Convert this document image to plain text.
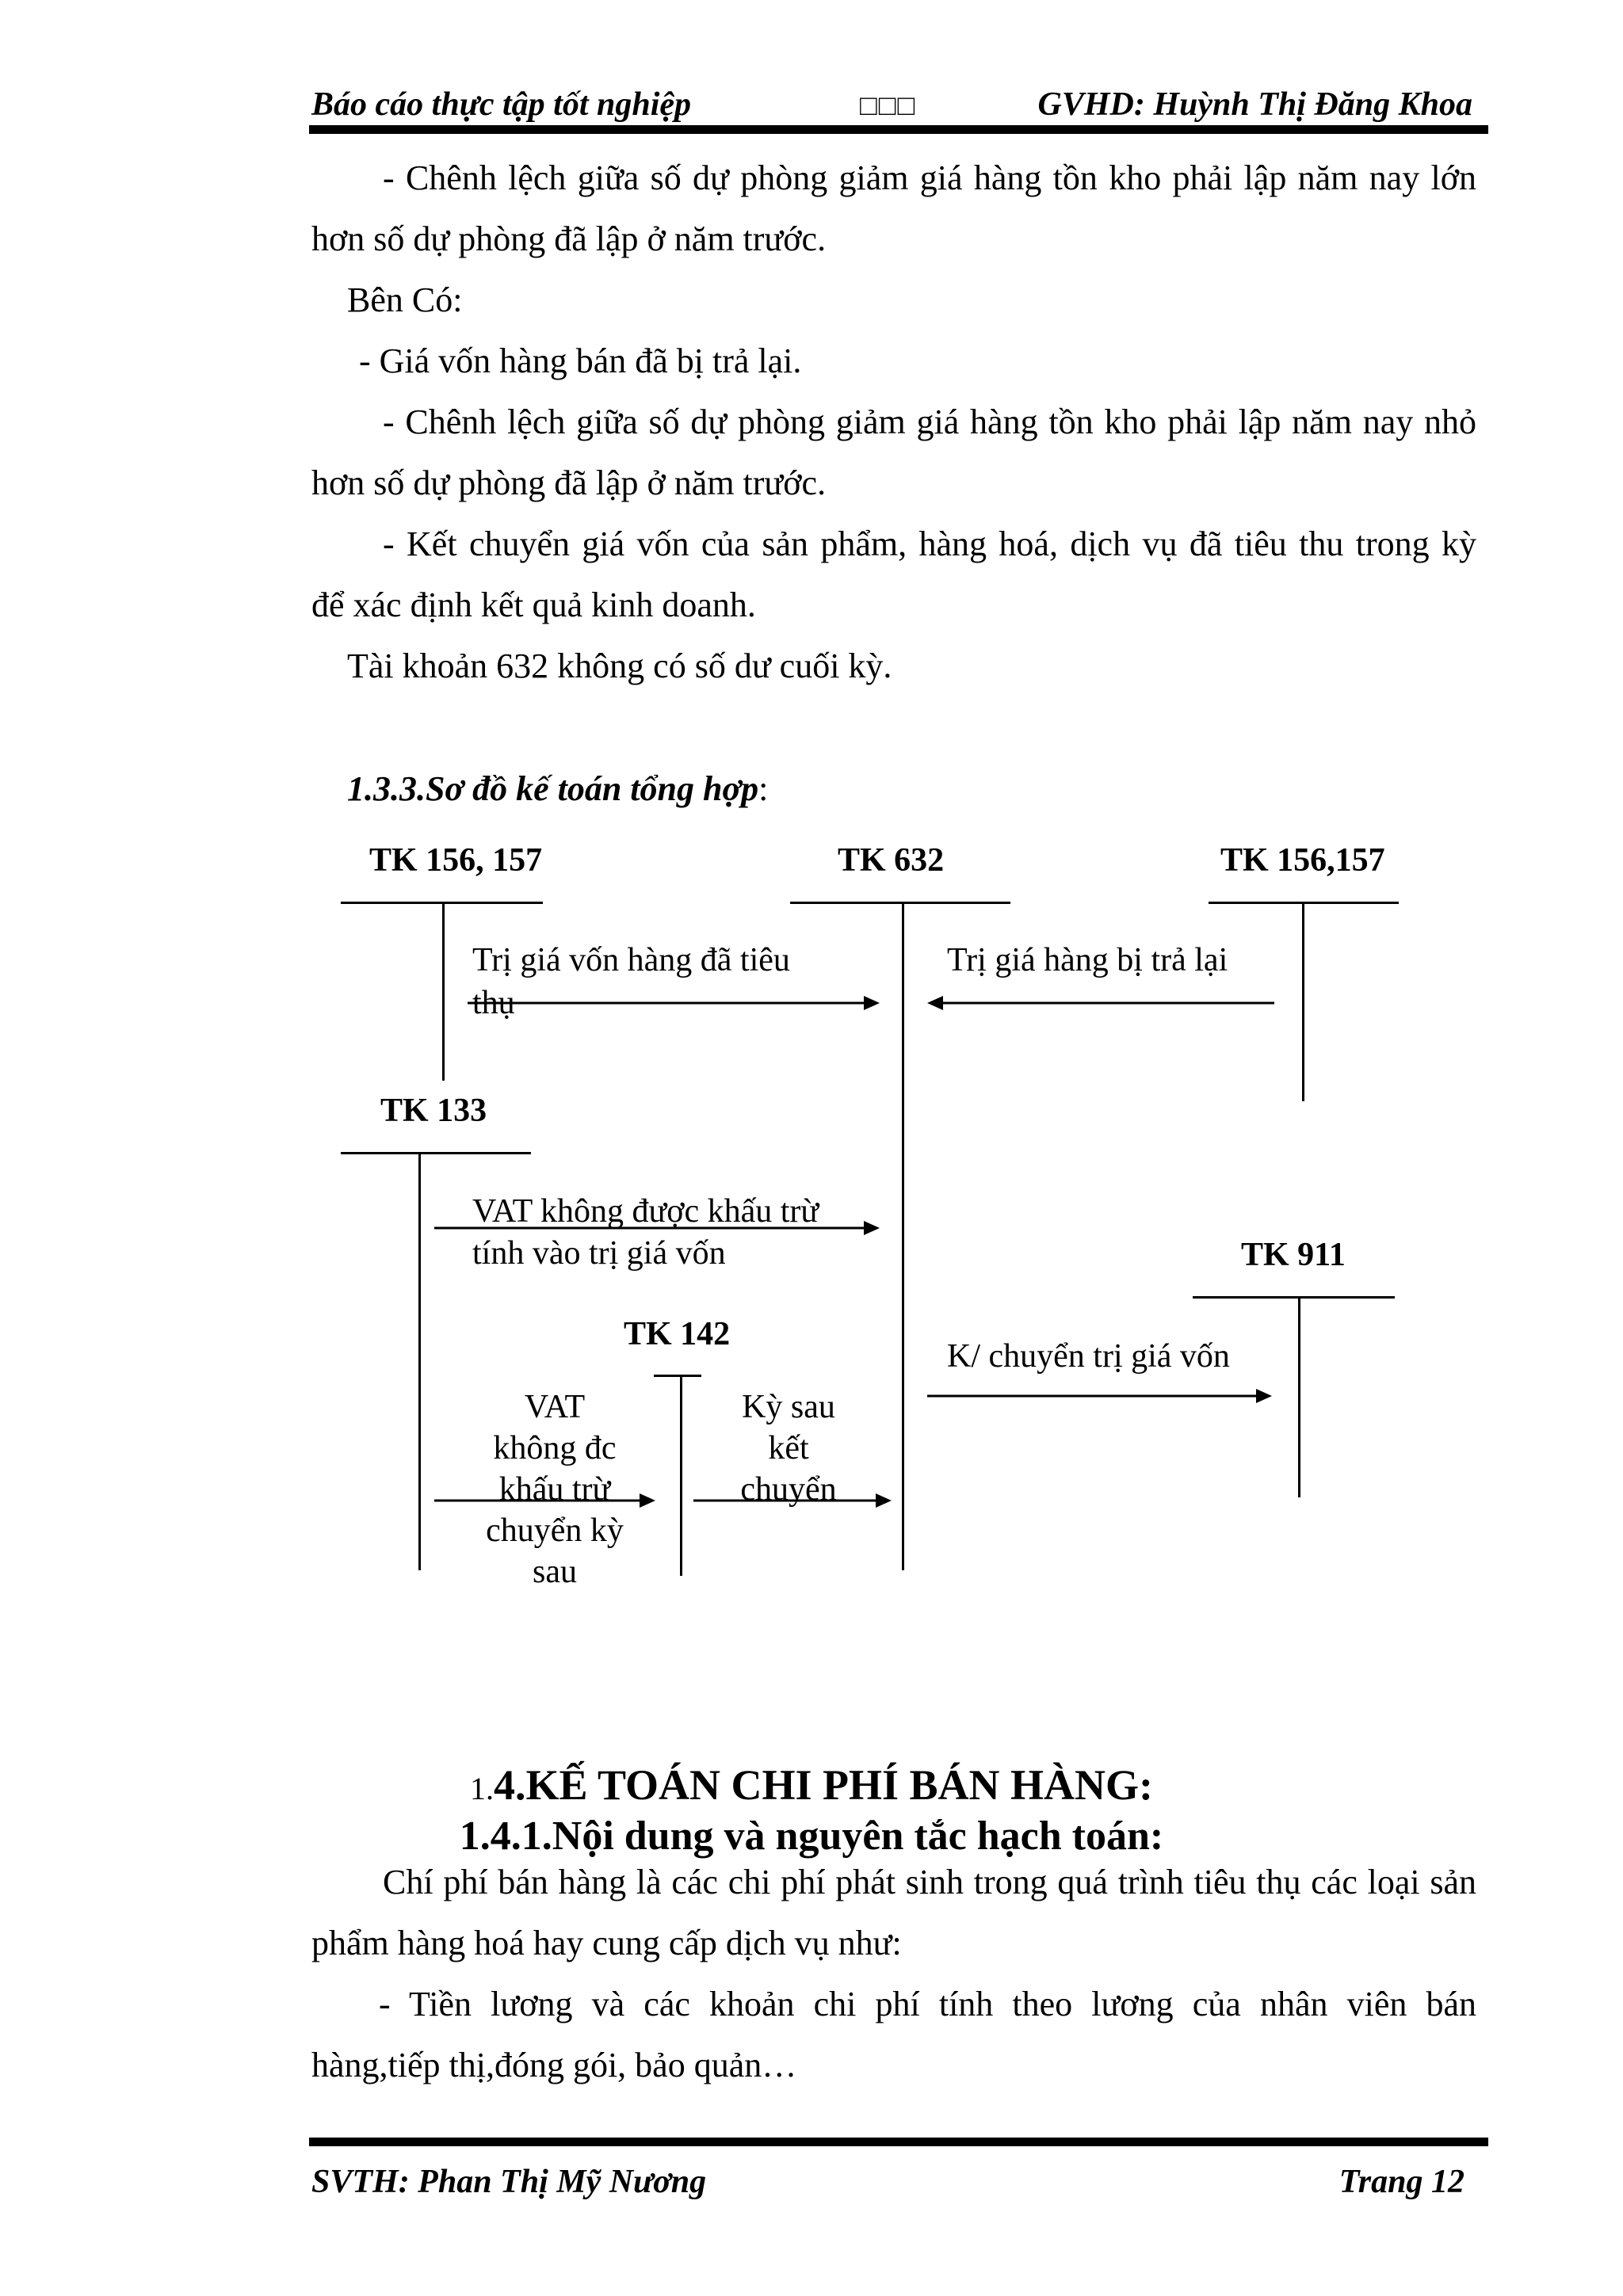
Báo cáo thực tập tốt nghiệp	□□□	GVHD: Huỳnh Thị Đăng Khoa
- Chênh lệch giữa số dự phòng giảm giá hàng tồn kho phải lập năm nay lớn
hơn số dự phòng đã lập ở năm trước.
Bên Có:
- Giá vốn hàng bán đã bị trả lại.
- Chênh lệch giữa số dự phòng giảm giá hàng tồn kho phải lập năm nay nhỏ
hơn số dự phòng đã lập ở năm trước.
- Kết chuyển giá vốn của sản phẩm, hàng hoá, dịch vụ đã tiêu thu trong kỳ
để xác định kết quả kinh doanh.
Tài khoản 632 không có số dư cuối kỳ.
1.3.3.Sơ đồ kế toán tổng hợp:
TK 156, 157	TK 632	TK 156,157
TK 133
TK 911
TK 142
Trị giá vốn hàng đã tiêu
thụ
Trị giá hàng bị trả lại
VAT không được khấu trừ
tính vào trị giá vốn
K/ chuyển trị giá vốn
VAT
không đc
khấu trừ
chuyển kỳ
sau
Kỳ sau
kết
chuyển
1.4.KẾ TOÁN CHI PHÍ BÁN HÀNG:
1.4.1.Nội dung và nguyên tắc hạch toán:
Chí phí bán hàng là các chi phí phát sinh trong quá trình tiêu thụ các loại sản
phẩm hàng hoá hay cung cấp dịch vụ như:
- Tiền lương và các khoản chi phí tính theo lương của nhân viên bán
hàng,tiếp thị,đóng gói, bảo quản…
SVTH: Phan Thị Mỹ Nương	Trang 12
